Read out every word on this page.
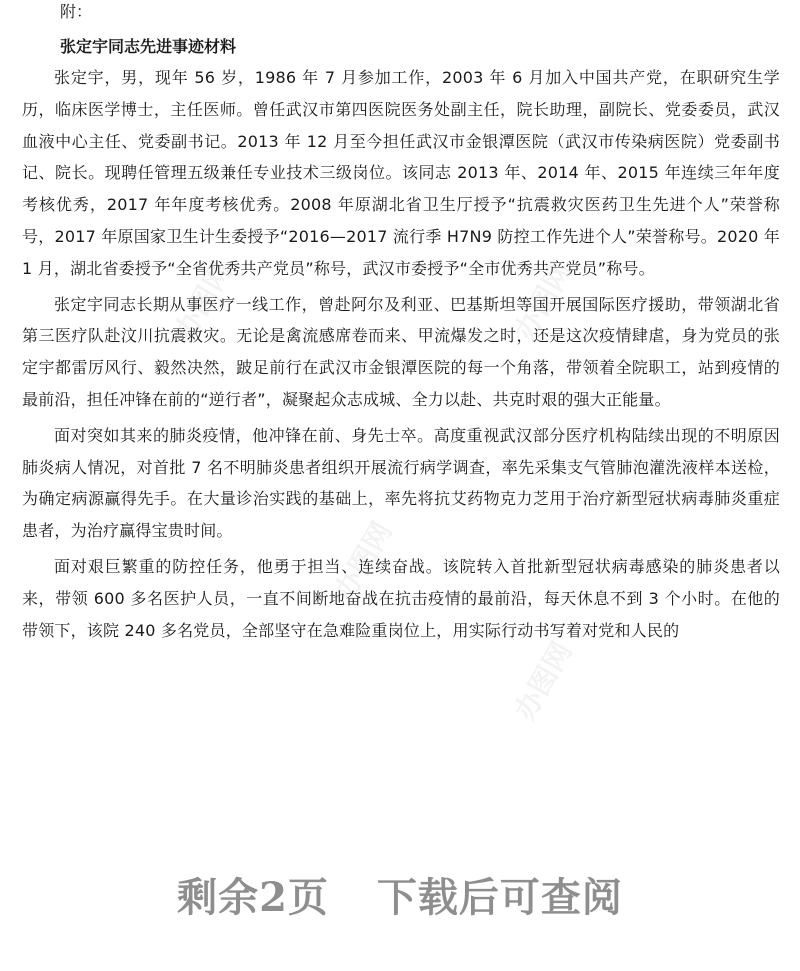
办图网	办图网
办图网
办图网

附：

张定宇同志先进事迹材料

张定宇，男，现年 56 岁，1986 年 7 月参加工作，2003 年 6 月加入中国共产党，在职研究生学历，临床医学博士，主任医师。曾任武汉市第四医院医务处副主任，院长助理，副院长、党委委员，武汉血液中心主任、党委副书记。2013 年 12 月至今担任武汉市金银潭医院（武汉市传染病医院）党委副书记、院长。现聘任管理五级兼任专业技术三级岗位。该同志 2013 年、2014 年、2015 年连续三年年度考核优秀，2017 年年度考核优秀。2008 年原湖北省卫生厅授予“抗震救灾医药卫生先进个人”荣誉称号，2017 年原国家卫生计生委授予“2016—2017 流行季 H7N9 防控工作先进个人”荣誉称号。2020 年 1 月，湖北省委授予“全省优秀共产党员”称号，武汉市委授予“全市优秀共产党员”称号。

张定宇同志长期从事医疗一线工作，曾赴阿尔及利亚、巴基斯坦等国开展国际医疗援助，带领湖北省第三医疗队赴汶川抗震救灾。无论是禽流感席卷而来、甲流爆发之时，还是这次疫情肆虐，身为党员的张定宇都雷厉风行、毅然决然，跛足前行在武汉市金银潭医院的每一个角落，带领着全院职工，站到疫情的最前沿，担任冲锋在前的“逆行者”，凝聚起众志成城、全力以赴、共克时艰的强大正能量。

面对突如其来的肺炎疫情，他冲锋在前、身先士卒。高度重视武汉部分医疗机构陆续出现的不明原因肺炎病人情况，对首批 7 名不明肺炎患者组织开展流行病学调查，率先采集支气管肺泡灌洗液样本送检，为确定病源赢得先手。在大量诊治实践的基础上，率先将抗艾药物克力芝用于治疗新型冠状病毒肺炎重症患者，为治疗赢得宝贵时间。

面对艰巨繁重的防控任务，他勇于担当、连续奋战。该院转入首批新型冠状病毒感染的肺炎患者以来，带领 600 多名医护人员，一直不间断地奋战在抗击疫情的最前沿，每天休息不到 3 个小时。在他的带领下，该院 240 多名党员，全部坚守在急难险重岗位上，用实际行动书写着对党和人民的

剩余2页 下载后可查阅
